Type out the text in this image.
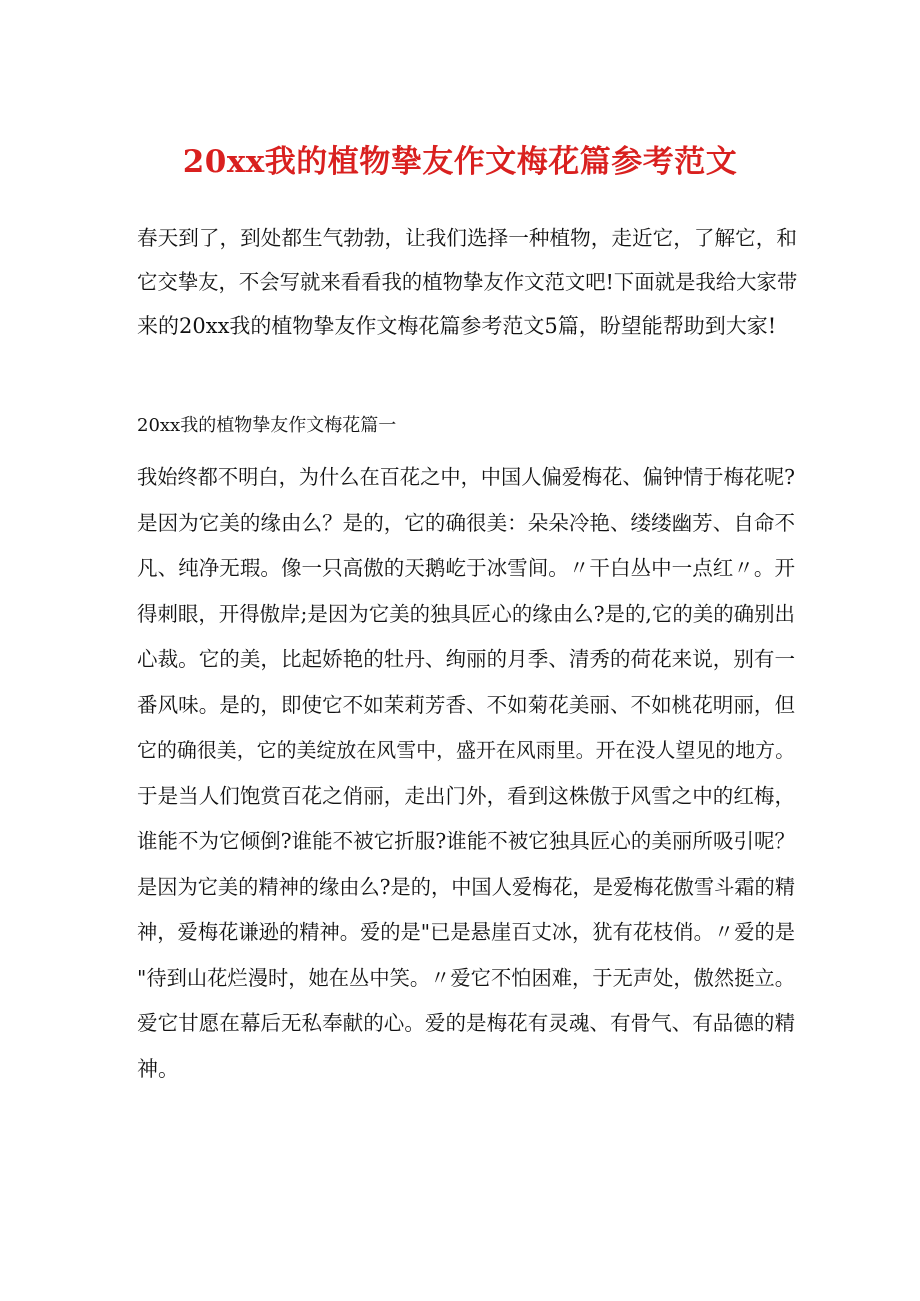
20xx我的植物挚友作文梅花篇参考范文
春天到了，到处都生气勃勃，让我们选择一种植物，走近它，了解它，和
它交挚友，不会写就来看看我的植物挚友作文范文吧!下面就是我给大家带
来的20xx我的植物挚友作文梅花篇参考范文5篇，盼望能帮助到大家!
20xx我的植物挚友作文梅花篇一
我始终都不明白，为什么在百花之中，中国人偏爱梅花、偏钟情于梅花呢?
是因为它美的缘由么？是的，它的确很美：朵朵冷艳、缕缕幽芳、自命不
凡、纯净无瑕。像一只高傲的天鹅屹于冰雪间。〃干白丛中一点红〃。开
得刺眼，开得傲岸;是因为它美的独具匠心的缘由么?是的,它的美的确别出
心裁。它的美，比起娇艳的牡丹、绚丽的月季、清秀的荷花来说，别有一
番风味。是的，即使它不如茉莉芳香、不如菊花美丽、不如桃花明丽，但
它的确很美，它的美绽放在风雪中，盛开在风雨里。开在没人望见的地方。
于是当人们饱赏百花之俏丽，走出门外，看到这株傲于风雪之中的红梅，
谁能不为它倾倒?谁能不被它折服?谁能不被它独具匠心的美丽所吸引呢？
是因为它美的精神的缘由么?是的，中国人爱梅花，是爱梅花傲雪斗霜的精
神，爱梅花谦逊的精神。爱的是"已是悬崖百丈冰，犹有花枝俏。〃爱的是
"待到山花烂漫时，她在丛中笑。〃爱它不怕困难，于无声处，傲然挺立。
爱它甘愿在幕后无私奉献的心。爱的是梅花有灵魂、有骨气、有品德的精
神。
